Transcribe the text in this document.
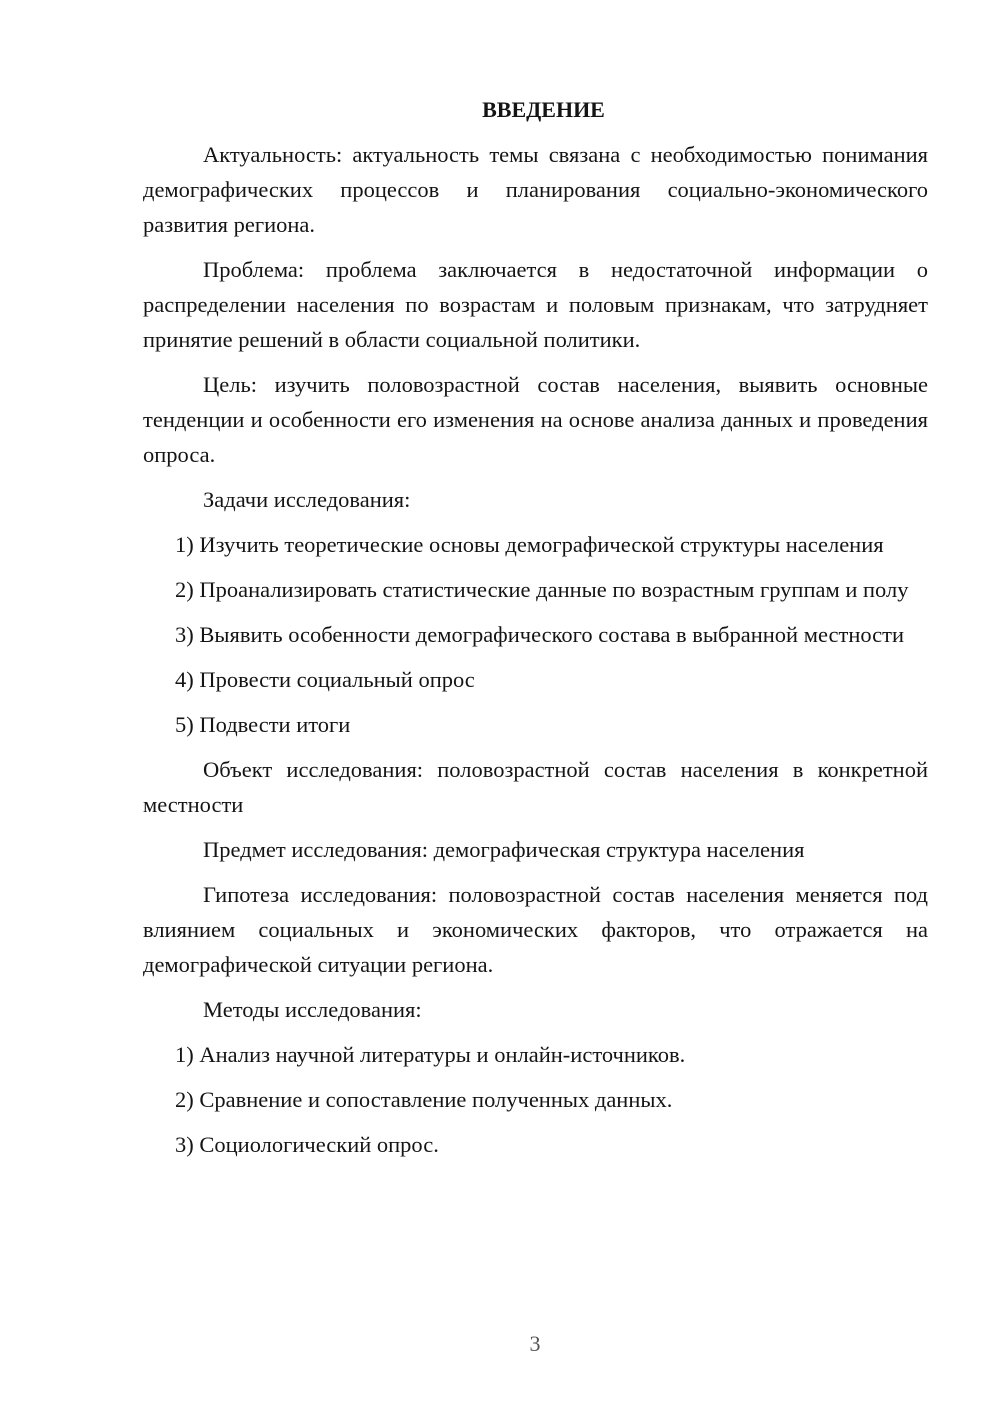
ВВЕДЕНИЕ

Актуальность: актуальность темы связана с необходимостью понимания демографических процессов и планирования социально-экономического развития региона.

Проблема: проблема заключается в недостаточной информации о распределении населения по возрастам и половым признакам, что затрудняет принятие решений в области социальной политики.

Цель: изучить половозрастной состав населения, выявить основные тенденции и особенности его изменения на основе анализа данных и проведения опроса.

Задачи исследования:

1) Изучить теоретические основы демографической структуры населения

2) Проанализировать статистические данные по возрастным группам и полу

3) Выявить особенности демографического состава в выбранной местности

4) Провести социальный опрос

5) Подвести итоги

Объект исследования: половозрастной состав населения в конкретной местности

Предмет исследования: демографическая структура населения

Гипотеза исследования: половозрастной состав населения меняется под влиянием социальных и экономических факторов, что отражается на демографической ситуации региона.

Методы исследования:

1) Анализ научной литературы и онлайн-источников.

2) Сравнение и сопоставление полученных данных.

3) Социологический опрос.

3
